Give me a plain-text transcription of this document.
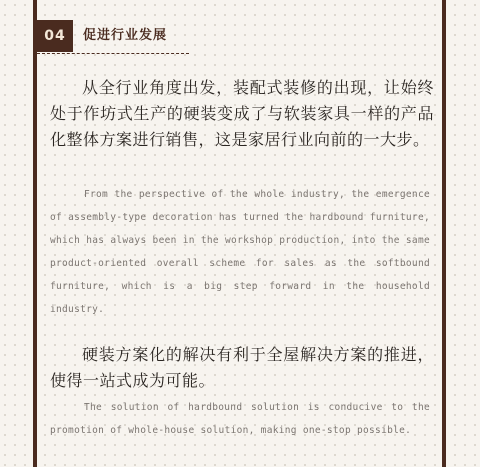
04	促进行业发展

从全行业角度出发，装配式装修的出现，让始终处于作坊式生产的硬装变成了与软装家具一样的产品化整体方案进行销售，这是家居行业向前的一大步。

From the perspective of the whole industry, the emergence of assembly-type decoration has turned the hardbound furniture, which has always been in the workshop production, into the same product-oriented overall scheme for sales as the softbound furniture, which is a big step forward in the household industry.

硬装方案化的解决有利于全屋解决方案的推进，使得一站式成为可能。

The solution of hardbound solution is conducive to the promotion of whole-house solution, making one-stop possible.
